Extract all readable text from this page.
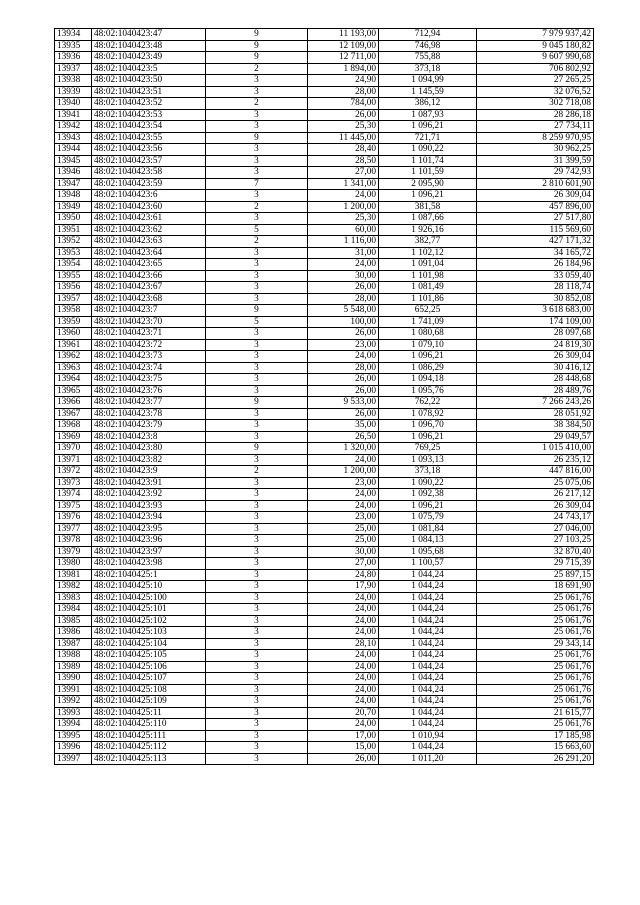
13934	48:02:1040423:47	9	11 193,00	712,94	7 979 937,42
13935	48:02:1040423:48	9	12 109,00	746,98	9 045 180,82
13936	48:02:1040423:49	9	12 711,00	755,88	9 607 990,68
13937	48:02:1040423:5	2	1 894,00	373,18	706 802,92
13938	48:02:1040423:50	3	24,90	1 094,99	27 265,25
13939	48:02:1040423:51	3	28,00	1 145,59	32 076,52
13940	48:02:1040423:52	2	784,00	386,12	302 718,08
13941	48:02:1040423:53	3	26,00	1 087,93	28 286,18
13942	48:02:1040423:54	3	25,30	1 096,21	27 734,11
13943	48:02:1040423:55	9	11 445,00	721,71	8 259 970,95
13944	48:02:1040423:56	3	28,40	1 090,22	30 962,25
13945	48:02:1040423:57	3	28,50	1 101,74	31 399,59
13946	48:02:1040423:58	3	27,00	1 101,59	29 742,93
13947	48:02:1040423:59	7	1 341,00	2 095,90	2 810 601,90
13948	48:02:1040423:6	3	24,00	1 096,21	26 309,04
13949	48:02:1040423:60	2	1 200,00	381,58	457 896,00
13950	48:02:1040423:61	3	25,30	1 087,66	27 517,80
13951	48:02:1040423:62	5	60,00	1 926,16	115 569,60
13952	48:02:1040423:63	2	1 116,00	382,77	427 171,32
13953	48:02:1040423:64	3	31,00	1 102,12	34 165,72
13954	48:02:1040423:65	3	24,00	1 091,04	26 184,96
13955	48:02:1040423:66	3	30,00	1 101,98	33 059,40
13956	48:02:1040423:67	3	26,00	1 081,49	28 118,74
13957	48:02:1040423:68	3	28,00	1 101,86	30 852,08
13958	48:02:1040423:7	9	5 548,00	652,25	3 618 683,00
13959	48:02:1040423:70	5	100,00	1 741,09	174 109,00
13960	48:02:1040423:71	3	26,00	1 080,68	28 097,68
13961	48:02:1040423:72	3	23,00	1 079,10	24 819,30
13962	48:02:1040423:73	3	24,00	1 096,21	26 309,04
13963	48:02:1040423:74	3	28,00	1 086,29	30 416,12
13964	48:02:1040423:75	3	26,00	1 094,18	28 448,68
13965	48:02:1040423:76	3	26,00	1 095,76	28 489,76
13966	48:02:1040423:77	9	9 533,00	762,22	7 266 243,26
13967	48:02:1040423:78	3	26,00	1 078,92	28 051,92
13968	48:02:1040423:79	3	35,00	1 096,70	38 384,50
13969	48:02:1040423:8	3	26,50	1 096,21	29 049,57
13970	48:02:1040423:80	9	1 320,00	769,25	1 015 410,00
13971	48:02:1040423:82	3	24,00	1 093,13	26 235,12
13972	48:02:1040423:9	2	1 200,00	373,18	447 816,00
13973	48:02:1040423:91	3	23,00	1 090,22	25 075,06
13974	48:02:1040423:92	3	24,00	1 092,38	26 217,12
13975	48:02:1040423:93	3	24,00	1 096,21	26 309,04
13976	48:02:1040423:94	3	23,00	1 075,79	24 743,17
13977	48:02:1040423:95	3	25,00	1 081,84	27 046,00
13978	48:02:1040423:96	3	25,00	1 084,13	27 103,25
13979	48:02:1040423:97	3	30,00	1 095,68	32 870,40
13980	48:02:1040423:98	3	27,00	1 100,57	29 715,39
13981	48:02:1040425:1	3	24,80	1 044,24	25 897,15
13982	48:02:1040425:10	3	17,90	1 044,24	18 691,90
13983	48:02:1040425:100	3	24,00	1 044,24	25 061,76
13984	48:02:1040425:101	3	24,00	1 044,24	25 061,76
13985	48:02:1040425:102	3	24,00	1 044,24	25 061,76
13986	48:02:1040425:103	3	24,00	1 044,24	25 061,76
13987	48:02:1040425:104	3	28,10	1 044,24	29 343,14
13988	48:02:1040425:105	3	24,00	1 044,24	25 061,76
13989	48:02:1040425:106	3	24,00	1 044,24	25 061,76
13990	48:02:1040425:107	3	24,00	1 044,24	25 061,76
13991	48:02:1040425:108	3	24,00	1 044,24	25 061,76
13992	48:02:1040425:109	3	24,00	1 044,24	25 061,76
13993	48:02:1040425:11	3	20,70	1 044,24	21 615,77
13994	48:02:1040425:110	3	24,00	1 044,24	25 061,76
13995	48:02:1040425:111	3	17,00	1 010,94	17 185,98
13996	48:02:1040425:112	3	15,00	1 044,24	15 663,60
13997	48:02:1040425:113	3	26,00	1 011,20	26 291,20
